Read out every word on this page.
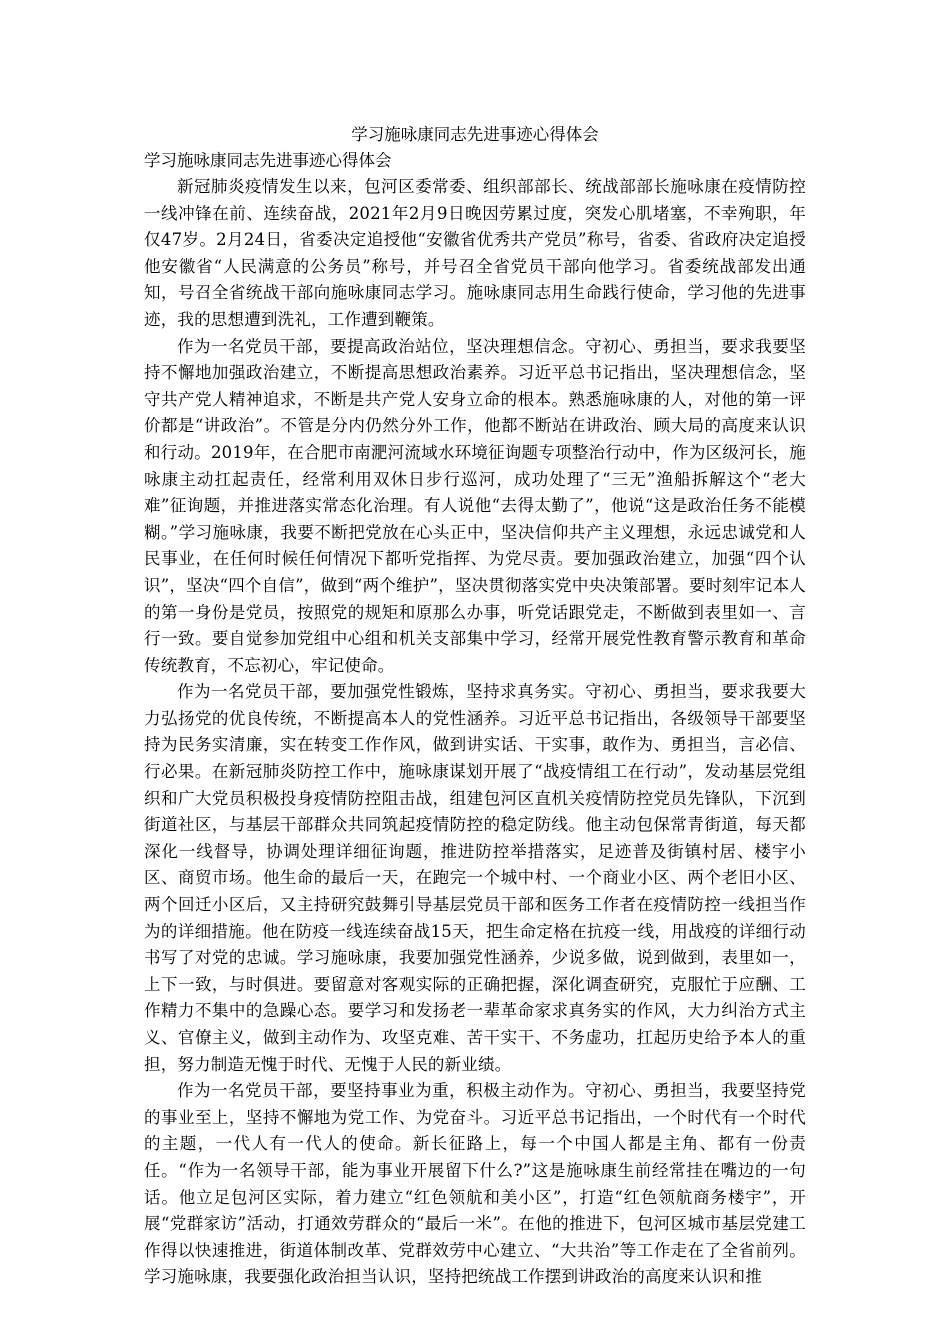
学习施咏康同志先进事迹心得体会
学习施咏康同志先进事迹心得体会

新冠肺炎疫情发生以来，包河区委常委、组织部部长、统战部部长施咏康在疫情防控一线冲锋在前、连续奋战，2021年2月9日晚因劳累过度，突发心肌堵塞，不幸殉职，年仅47岁。2月24日，省委决定追授他“安徽省优秀共产党员”称号，省委、省政府决定追授他安徽省“人民满意的公务员”称号，并号召全省党员干部向他学习。省委统战部发出通知，号召全省统战干部向施咏康同志学习。施咏康同志用生命践行使命，学习他的先进事迹，我的思想遭到洗礼，工作遭到鞭策。

作为一名党员干部，要提高政治站位，坚决理想信念。守初心、勇担当，要求我要坚持不懈地加强政治建立，不断提高思想政治素养。习近平总书记指出，坚决理想信念，坚守共产党人精神追求，不断是共产党人安身立命的根本。熟悉施咏康的人，对他的第一评价都是“讲政治”。不管是分内仍然分外工作，他都不断站在讲政治、顾大局的高度来认识和行动。2019年，在合肥市南淝河流域水环境征询题专项整治行动中，作为区级河长，施咏康主动扛起责任，经常利用双休日步行巡河，成功处理了“三无”渔船拆解这个“老大难”征询题，并推进落实常态化治理。有人说他“去得太勤了”，他说“这是政治任务不能模糊。”学习施咏康，我要不断把党放在心头正中，坚决信仰共产主义理想，永远忠诚党和人民事业，在任何时候任何情况下都听党指挥、为党尽责。要加强政治建立，加强“四个认识”，坚决“四个自信”，做到“两个维护”，坚决贯彻落实党中央决策部署。要时刻牢记本人的第一身份是党员，按照党的规矩和原那么办事，听党话跟党走，不断做到表里如一、言行一致。要自觉参加党组中心组和机关支部集中学习，经常开展党性教育警示教育和革命传统教育，不忘初心，牢记使命。

作为一名党员干部，要加强党性锻炼，坚持求真务实。守初心、勇担当，要求我要大力弘扬党的优良传统，不断提高本人的党性涵养。习近平总书记指出，各级领导干部要坚持为民务实清廉，实在转变工作作风，做到讲实话、干实事，敢作为、勇担当，言必信、行必果。在新冠肺炎防控工作中，施咏康谋划开展了“战疫情组工在行动”，发动基层党组织和广大党员积极投身疫情防控阻击战，组建包河区直机关疫情防控党员先锋队，下沉到街道社区，与基层干部群众共同筑起疫情防控的稳定防线。他主动包保常青街道，每天都深化一线督导，协调处理详细征询题，推进防控举措落实，足迹普及街镇村居、楼宇小区、商贸市场。他生命的最后一天，在跑完一个城中村、一个商业小区、两个老旧小区、两个回迁小区后，又主持研究鼓舞引导基层党员干部和医务工作者在疫情防控一线担当作为的详细措施。他在防疫一线连续奋战15天，把生命定格在抗疫一线，用战疫的详细行动书写了对党的忠诚。学习施咏康，我要加强党性涵养，少说多做，说到做到，表里如一，上下一致，与时俱进。要留意对客观实际的正确把握，深化调查研究，克服忙于应酬、工作精力不集中的急躁心态。要学习和发扬老一辈革命家求真务实的作风，大力纠治方式主义、官僚主义，做到主动作为、攻坚克难、苦干实干、不务虚功，扛起历史给予本人的重担，努力制造无愧于时代、无愧于人民的新业绩。

作为一名党员干部，要坚持事业为重，积极主动作为。守初心、勇担当，我要坚持党的事业至上，坚持不懈地为党工作、为党奋斗。习近平总书记指出，一个时代有一个时代的主题，一代人有一代人的使命。新长征路上，每一个中国人都是主角、都有一份责任。“作为一名领导干部，能为事业开展留下什么?”这是施咏康生前经常挂在嘴边的一句话。他立足包河区实际，着力建立“红色领航和美小区”，打造“红色领航商务楼宇”，开展“党群家访”活动，打通效劳群众的“最后一米”。在他的推进下，包河区城市基层党建工作得以快速推进，街道体制改革、党群效劳中心建立、“大共治”等工作走在了全省前列。学习施咏康，我要强化政治担当认识，坚持把统战工作摆到讲政治的高度来认识和推
